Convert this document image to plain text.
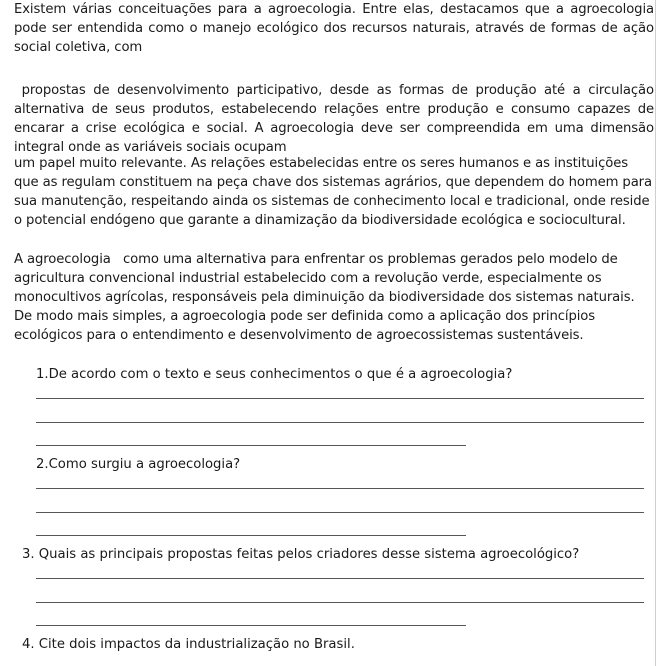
Existem várias conceituações para a agroecologia. Entre elas, destacamos que a agroecologia pode ser entendida como o manejo ecológico dos recursos naturais, através de formas de ação social coletiva, com

propostas de desenvolvimento participativo, desde as formas de produção até a circulação alternativa de seus produtos, estabelecendo relações entre produção e consumo capazes de encarar a crise ecológica e social. A agroecologia deve ser compreendida em uma dimensão integral onde as variáveis sociais ocupam

um papel muito relevante. As relações estabelecidas entre os seres humanos e as instituições que as regulam constituem na peça chave dos sistemas agrários, que dependem do homem para sua manutenção, respeitando ainda os sistemas de conhecimento local e tradicional, onde reside o potencial endógeno que garante a dinamização da biodiversidade ecológica e sociocultural.

A agroecologia   como uma alternativa para enfrentar os problemas gerados pelo modelo de agricultura convencional industrial estabelecido com a revolução verde, especialmente os monocultivos agrícolas, responsáveis pela diminuição da biodiversidade dos sistemas naturais. De modo mais simples, a agroecologia pode ser definida como a aplicação dos princípios ecológicos para o entendimento e desenvolvimento de agroecossistemas sustentáveis.

1.De acordo com o texto e seus conhecimentos o que é a agroecologia?

2.Como surgiu a agroecologia?

3. Quais as principais propostas feitas pelos criadores desse sistema agroecológico?

4. Cite dois impactos da industrialização no Brasil.
